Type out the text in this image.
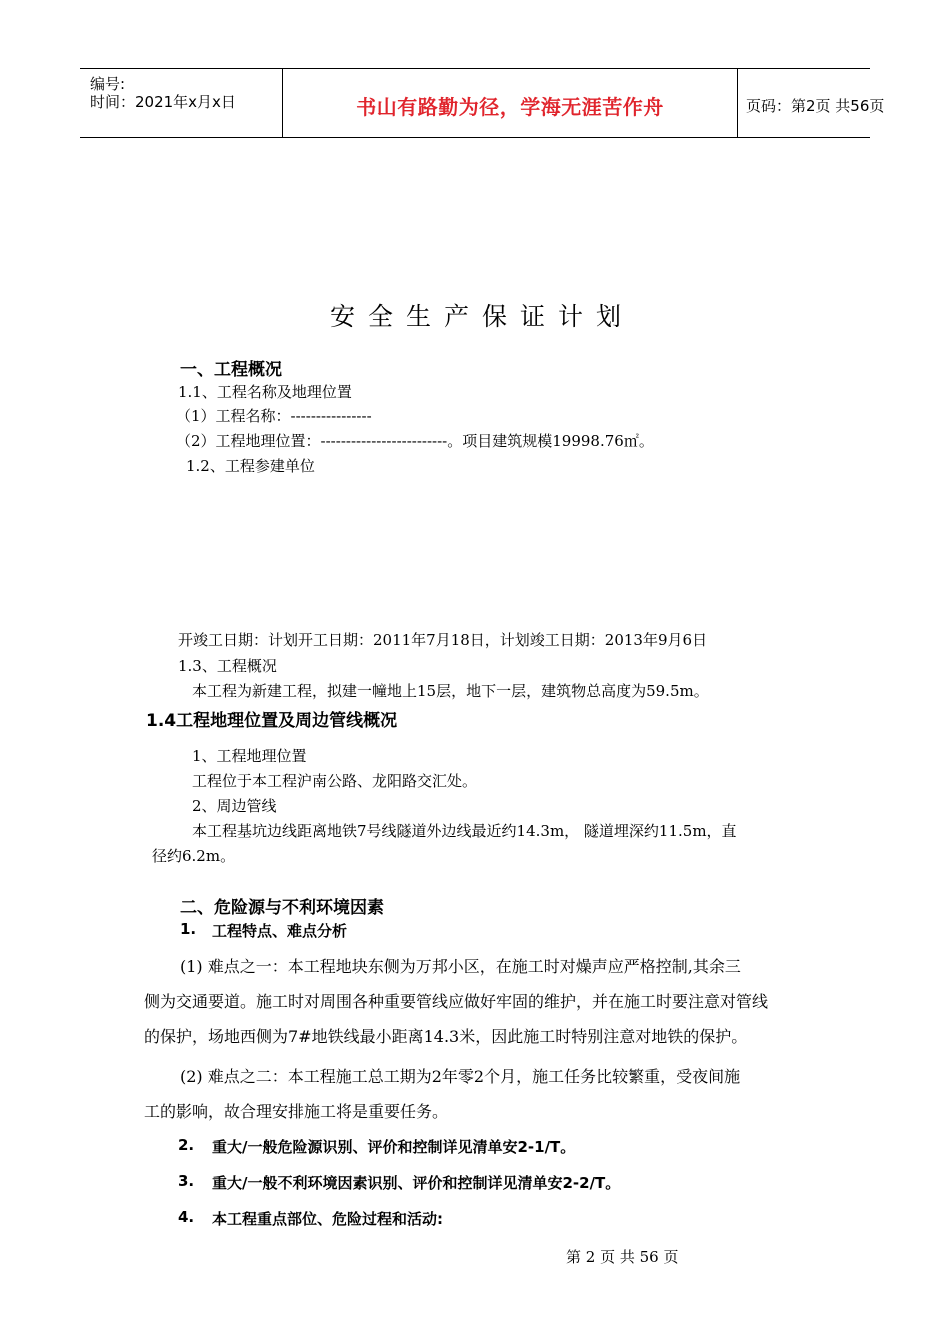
编号:
时间：2021年x月x日	书山有路勤为径，学海无涯苦作舟	页码：第2页 共56页
安全生产保证计划
一、工程概况
1.1、工程名称及地理位置
（1）工程名称：----------------
（2）工程地理位置：-------------------------。项目建筑规模19998.76㎡。
1.2、工程参建单位
开竣工日期：计划开工日期：2011年7月18日，计划竣工日期：2013年9月6日
1.3、工程概况
本工程为新建工程，拟建一幢地上15层，地下一层，建筑物总高度为59.5m。
1.4工程地理位置及周边管线概况
1、工程地理位置
工程位于本工程沪南公路、龙阳路交汇处。
2、周边管线
本工程基坑边线距离地铁7号线隧道外边线最近约14.3m， 隧道埋深约11.5m，直
径约6.2m。
二、危险源与不利环境因素
1. 工程特点、难点分析
(1) 难点之一：本工程地块东侧为万邦小区，在施工时对燥声应严格控制,其余三
侧为交通要道。施工时对周围各种重要管线应做好牢固的维护，并在施工时要注意对管线
的保护，场地西侧为7#地铁线最小距离14.3米，因此施工时特别注意对地铁的保护。
(2) 难点之二：本工程施工总工期为2年零2个月，施工任务比较繁重，受夜间施
工的影响，故合理安排施工将是重要任务。
2. 重大/一般危险源识别、评价和控制详见清单安2-1/T。
3. 重大/一般不利环境因素识别、评价和控制详见清单安2-2/T。
4. 本工程重点部位、危险过程和活动:
第 2 页 共 56 页
